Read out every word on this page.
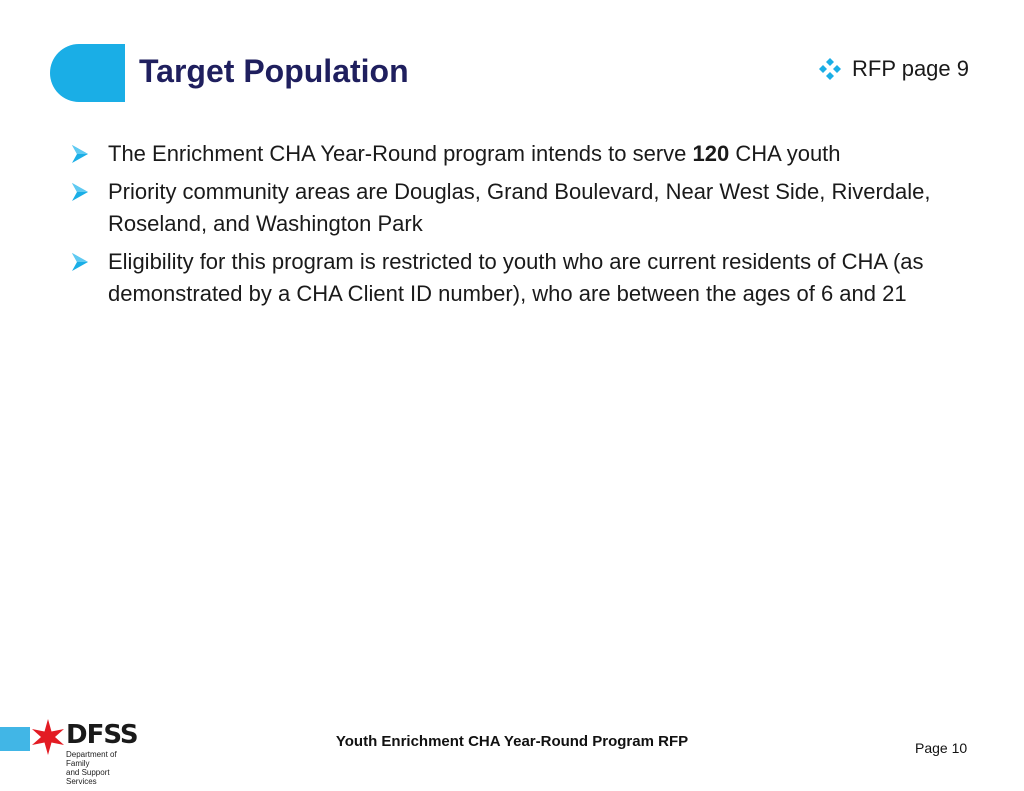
Target Population	RFP page 9
The Enrichment CHA Year-Round program intends to serve 120 CHA youth
Priority community areas are Douglas, Grand Boulevard, Near West Side, Riverdale, Roseland, and Washington Park
Eligibility for this program is restricted to youth who are current residents of CHA (as demonstrated by a CHA Client ID number), who are between the ages of 6 and 21
DFSS
Department of Family
and Support Services
Youth Enrichment CHA Year-Round Program RFP	Page 10
